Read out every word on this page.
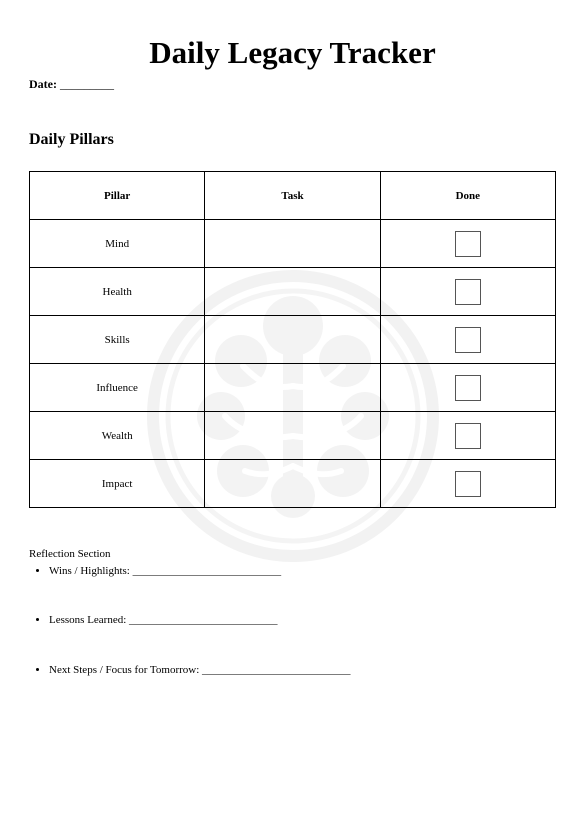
Daily Legacy Tracker
Date: _________
Daily Pillars
Pillar	Task	Done
Mind		
Health		
Skills		
Influence		
Wealth		
Impact		

Reflection Section

• Wins / Highlights: ___________________________
• Lessons Learned: ___________________________
• Next Steps / Focus for Tomorrow: ___________________________
